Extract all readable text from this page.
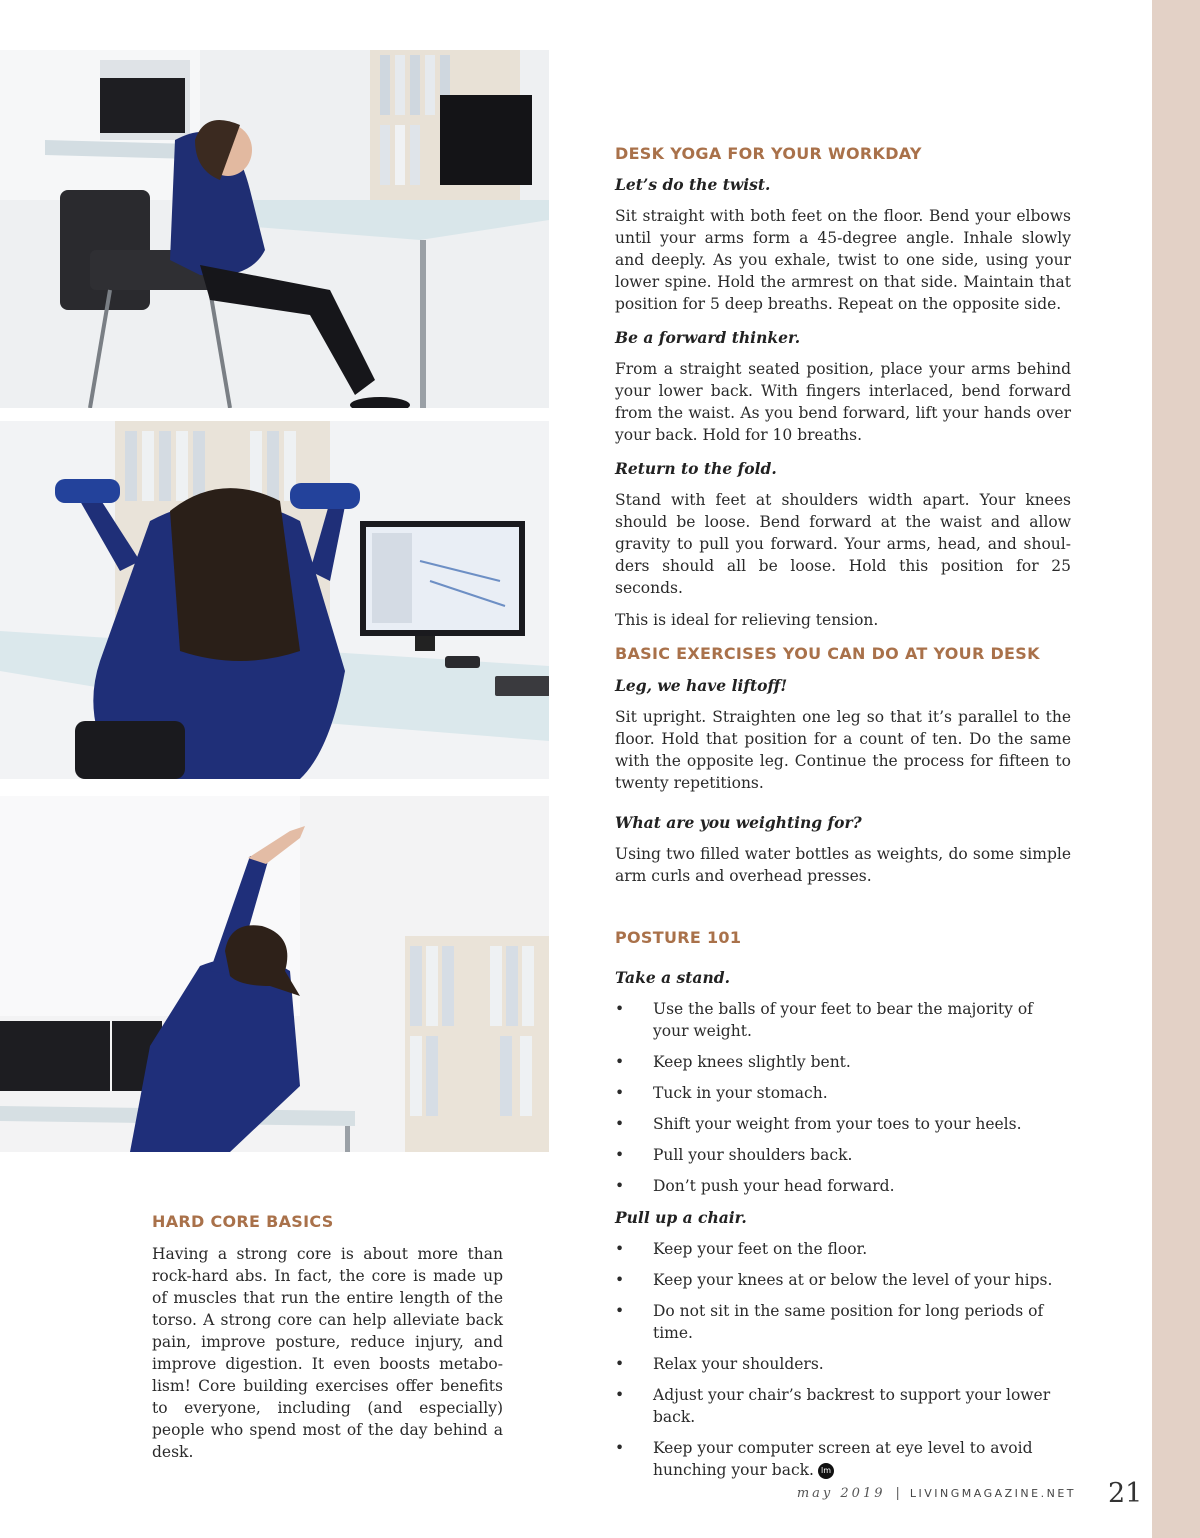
DESK YOGA FOR YOUR WORKDAY

Let’s do the twist.

Sit straight with both feet on the floor. Bend your elbows until your arms form a 45-degree angle. Inhale slowly and deeply. As you exhale, twist to one side, using your lower spine. Hold the armrest on that side. Maintain that position for 5 deep breaths. Repeat on the opposite side.

Be a forward thinker.

From a straight seated position, place your arms behind your lower back. With fingers interlaced, bend forward from the waist. As you bend forward, lift your hands over your back. Hold for 10 breaths.

Return to the fold.

Stand with feet at shoulders width apart. Your knees should be loose. Bend forward at the waist and allow gravity to pull you forward. Your arms, head, and shoul-ders should all be loose. Hold this position for 25 seconds.

This is ideal for relieving tension.

BASIC EXERCISES YOU CAN DO AT YOUR DESK

Leg, we have liftoff!

Sit upright. Straighten one leg so that it’s parallel to the floor. Hold that position for a count of ten. Do the same with the opposite leg. Continue the process for fifteen to twenty repetitions.

What are you weighting for?

Using two filled water bottles as weights, do some simple arm curls and overhead presses.

POSTURE 101

Take a stand.

• Use the balls of your feet to bear the majority of your weight.
• Keep knees slightly bent.
• Tuck in your stomach.
• Shift your weight from your toes to your heels.
• Pull your shoulders back.
• Don’t push your head forward.

Pull up a chair.

• Keep your feet on the floor.
• Keep your knees at or below the level of your hips.
• Do not sit in the same position for long periods of time.
• Relax your shoulders.
• Adjust your chair’s backrest to support your lower back.
• Keep your computer screen at eye level to avoid hunching your back. lm
HARD CORE BASICS

Having a strong core is about more than rock-hard abs. In fact, the core is made up of muscles that run the entire length of the torso. A strong core can help alleviate back pain, improve posture, reduce injury, and improve digestion. It even boosts metabo-lism! Core building exercises offer benefits to everyone, including (and especially) people who spend most of the day behind a desk.

may 2019 | LIVINGMAGAZINE.NET 21
